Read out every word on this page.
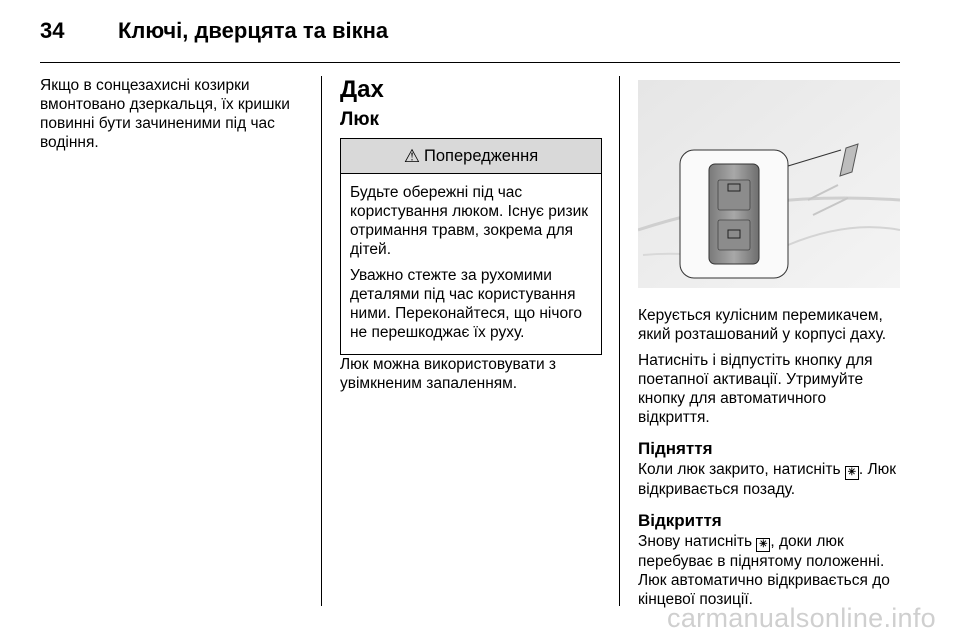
34 Ключі, дверцята та вікна

Якщо в сонцезахисні козирки вмонтовано дзеркальця, їх кришки повинні бути зачиненими під час водіння.

Дах
Люк
⚠ Попередження

Будьте обережні під час користування люком. Існує ризик отримання травм, зокрема для дітей.

Уважно стежте за рухомими деталями під час користування ними. Переконайтеся, що нічого не перешкоджає їх руху.

Люк можна використовувати з увімкненим запаленням.

Керується кулісним перемикачем, який розташований у корпусі даху.

Натисніть і відпустіть кнопку для поетапної активації. Утримуйте кнопку для автоматичного відкриття.

Підняття

Коли люк закрито, натисніть ✳ . Люк відкривається позаду.

Відкриття

Знову натисніть ✳ , доки люк перебуває в піднятому положенні. Люк автоматично відкривається до кінцевої позиції.

carmanualsonline.info
